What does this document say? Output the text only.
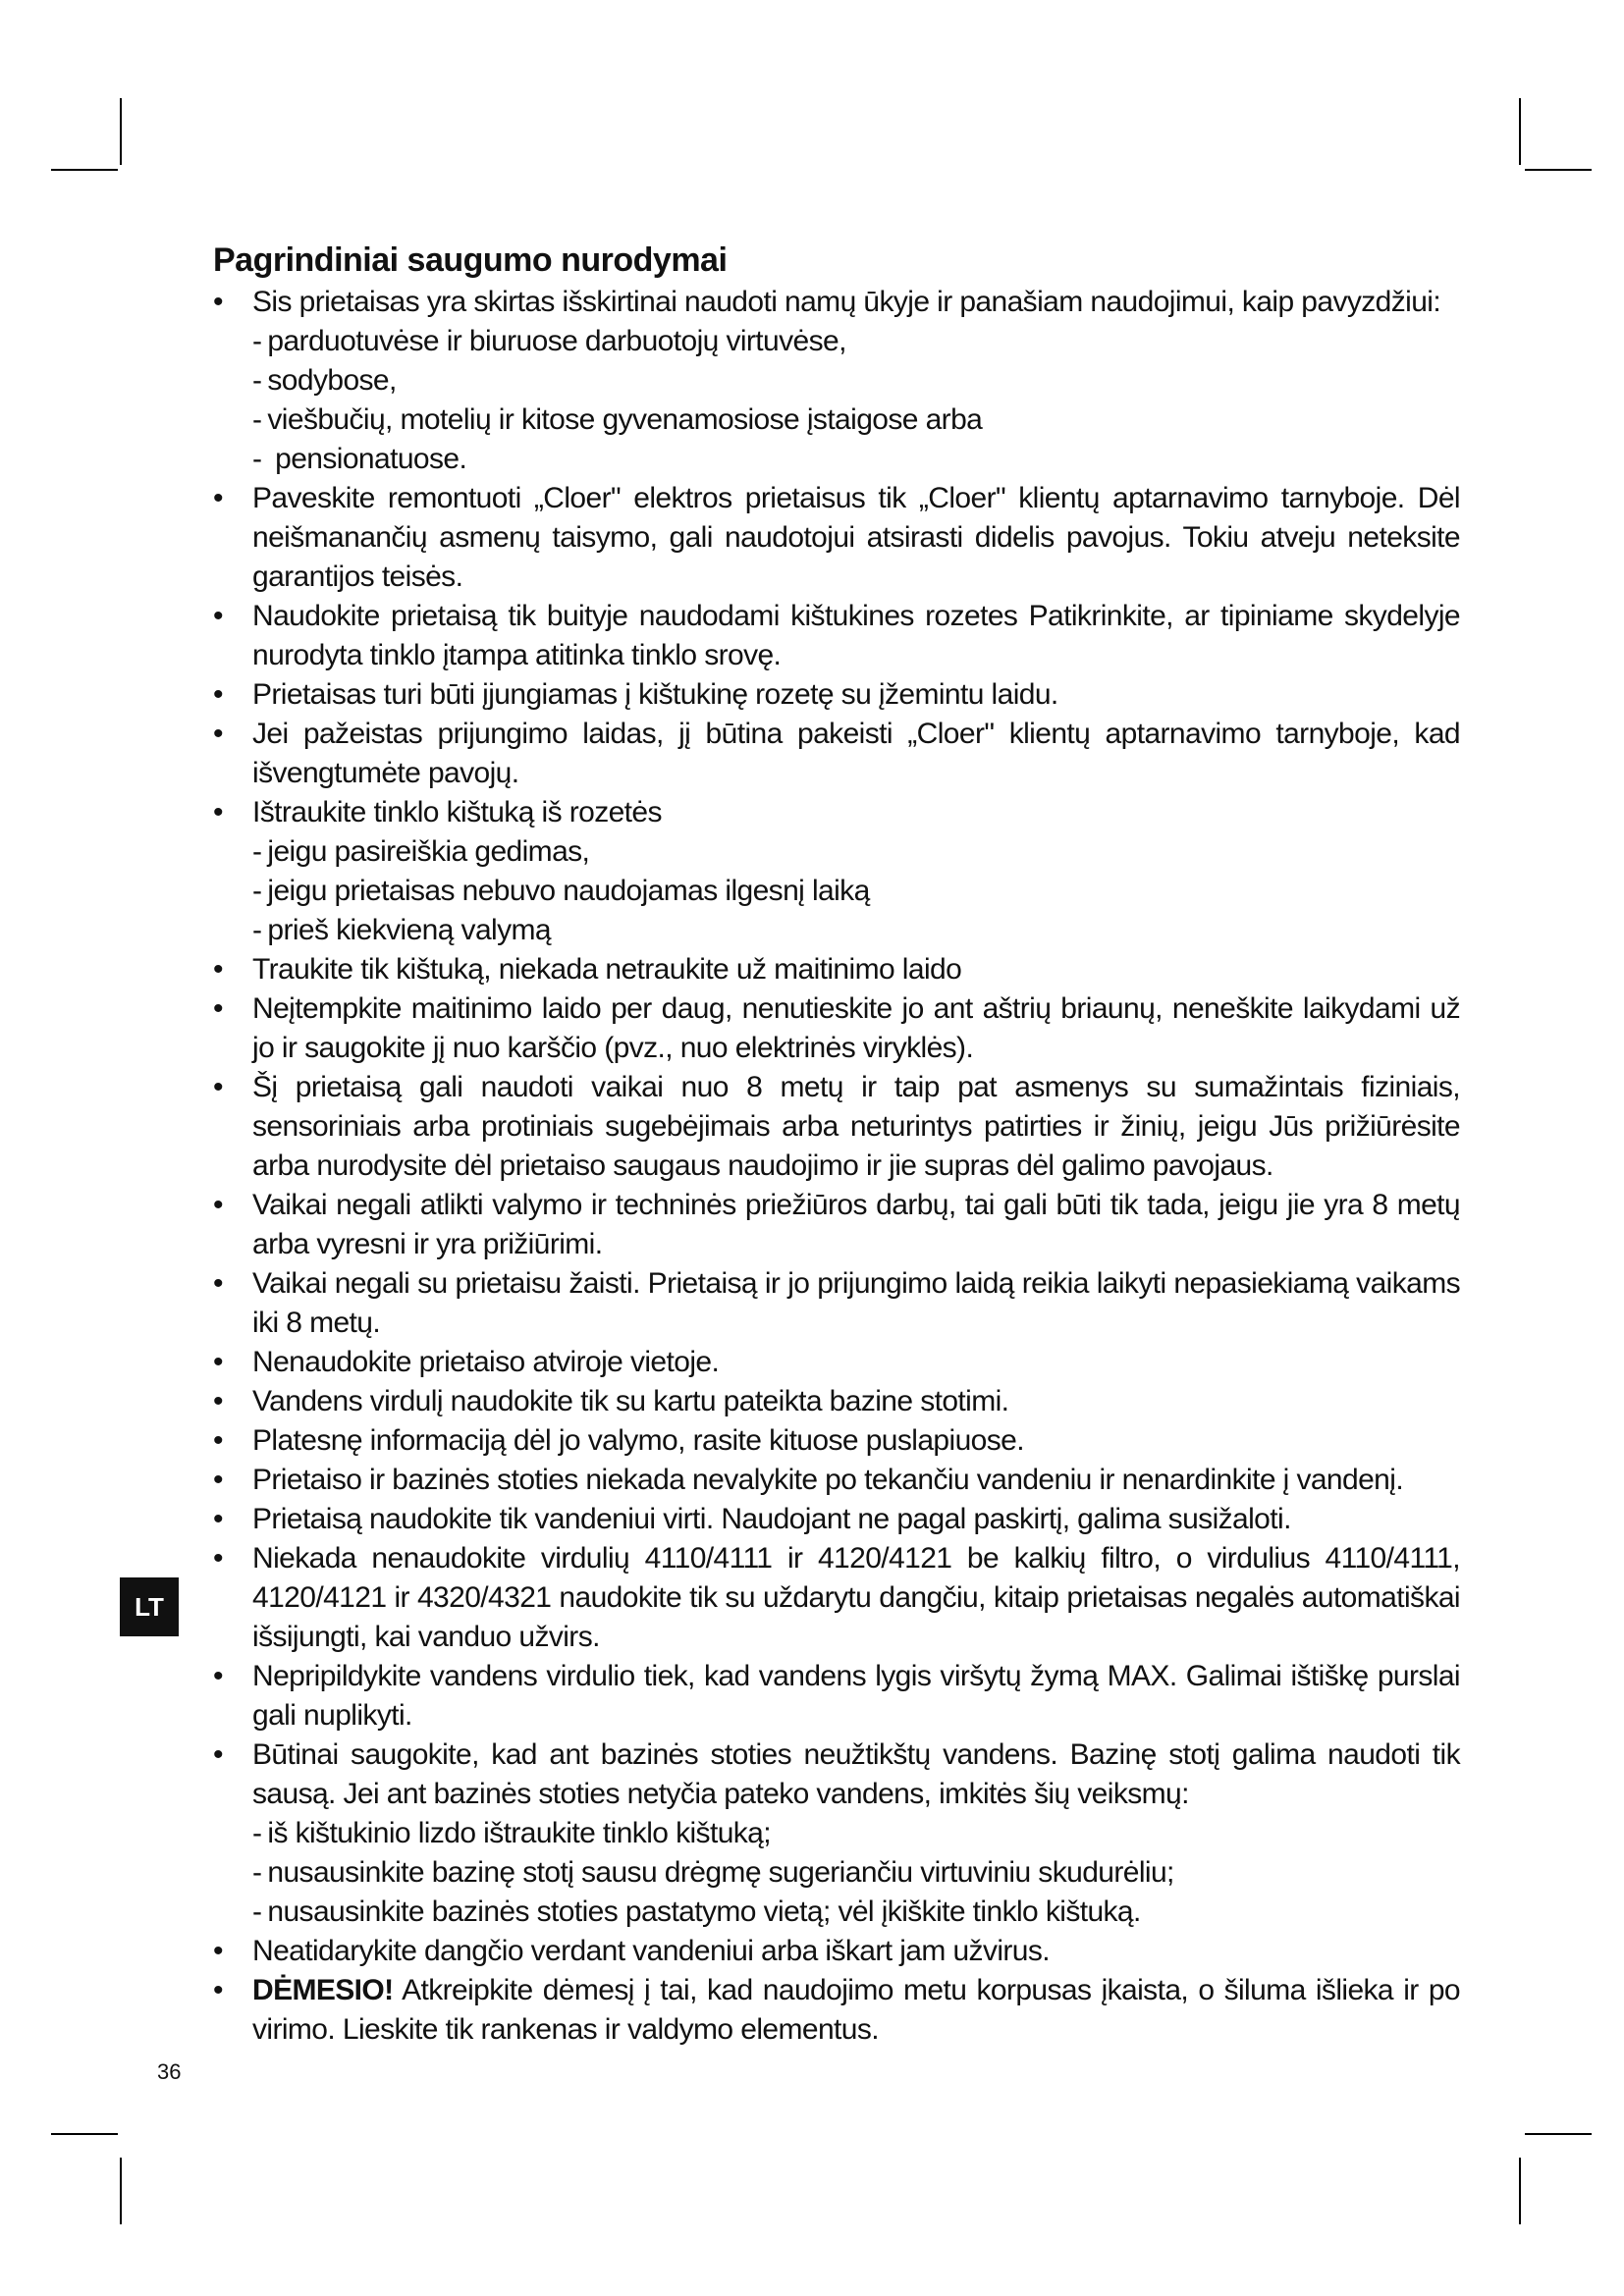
Pagrindiniai saugumo nurodymai
• Sis prietaisas yra skirtas išskirtinai naudoti namų ūkyje ir panašiam naudojimui, kaip pavyzdžiui:
- parduotuvėse ir biuruose darbuotojų virtuvėse,
- sodybose,
- viešbučių, motelių ir kitose gyvenamosiose įstaigose arba
- pensionatuose.
• Paveskite remontuoti „Cloer" elektros prietaisus tik „Cloer" klientų aptarnavimo tarnyboje. Dėl neišmanančių asmenų taisymo, gali naudotojui atsirasti didelis pavojus. Tokiu atveju neteksite garantijos teisės.
• Naudokite prietaisą tik buityje naudodami kištukines rozetes Patikrinkite, ar tipiniame skydelyje nurodyta tinklo įtampa atitinka tinklo srovę.
• Prietaisas turi būti įjungiamas į kištukinę rozetę su įžemintu laidu.
• Jei pažeistas prijungimo laidas, jį būtina pakeisti „Cloer" klientų aptarnavimo tarnyboje, kad išvengtumėte pavojų.
• Ištraukite tinklo kištuką iš rozetės
- jeigu pasireiškia gedimas,
- jeigu prietaisas nebuvo naudojamas ilgesnį laiką
- prieš kiekvieną valymą
• Traukite tik kištuką, niekada netraukite už maitinimo laido
• Neįtempkite maitinimo laido per daug, nenutieskite jo ant aštrių briaunų, neneškite laikydami už jo ir saugokite jį nuo karščio (pvz., nuo elektrinės viryklės).
• Šį prietaisą gali naudoti vaikai nuo 8 metų ir taip pat asmenys su sumažintais fiziniais, sensoriniais arba protiniais sugebėjimais arba neturintys patirties ir žinių, jeigu Jūs prižiūrėsite arba nurodysite dėl prietaiso saugaus naudojimo ir jie supras dėl galimo pavojaus.
• Vaikai negali atlikti valymo ir techninės priežiūros darbų, tai gali būti tik tada, jeigu jie yra 8 metų arba vyresni ir yra prižiūrimi.
• Vaikai negali su prietaisu žaisti. Prietaisą ir jo prijungimo laidą reikia laikyti nepasiekiamą vaikams iki 8 metų.
• Nenaudokite prietaiso atviroje vietoje.
• Vandens virdulį naudokite tik su kartu pateikta bazine stotimi.
• Platesnę informaciją dėl jo valymo, rasite kituose puslapiuose.
• Prietaiso ir bazinės stoties niekada nevalykite po tekančiu vandeniu ir nenardinkite į vandenį.
• Prietaisą naudokite tik vandeniui virti. Naudojant ne pagal paskirtį, galima susižaloti.
• Niekada nenaudokite virdulių 4110/4111 ir 4120/4121 be kalkių filtro, o virdulius 4110/4111, 4120/4121 ir 4320/4321 naudokite tik su uždarytu dangčiu, kitaip prietaisas negalės automatiškai išsijungti, kai vanduo užvirs.
• Nepripildykite vandens virdulio tiek, kad vandens lygis viršytų žymą MAX. Galimai ištiškę purslai gali nuplikyti.
• Būtinai saugokite, kad ant bazinės stoties neužtikštų vandens. Bazinę stotį galima naudoti tik sausą. Jei ant bazinės stoties netyčia pateko vandens, imkitės šių veiksmų:
- iš kištukinio lizdo ištraukite tinklo kištuką;
- nusausinkite bazinę stotį sausu drėgmę sugeriančiu virtuviniu skudurėliu;
- nusausinkite bazinės stoties pastatymo vietą; vėl įkiškite tinklo kištuką.
• Neatidarykite dangčio verdant vandeniui arba iškart jam užvirus.
• DĖMESIO! Atkreipkite dėmesį į tai, kad naudojimo metu korpusas įkaista, o šiluma išlieka ir po virimo. Lieskite tik rankenas ir valdymo elementus.
LT
36
